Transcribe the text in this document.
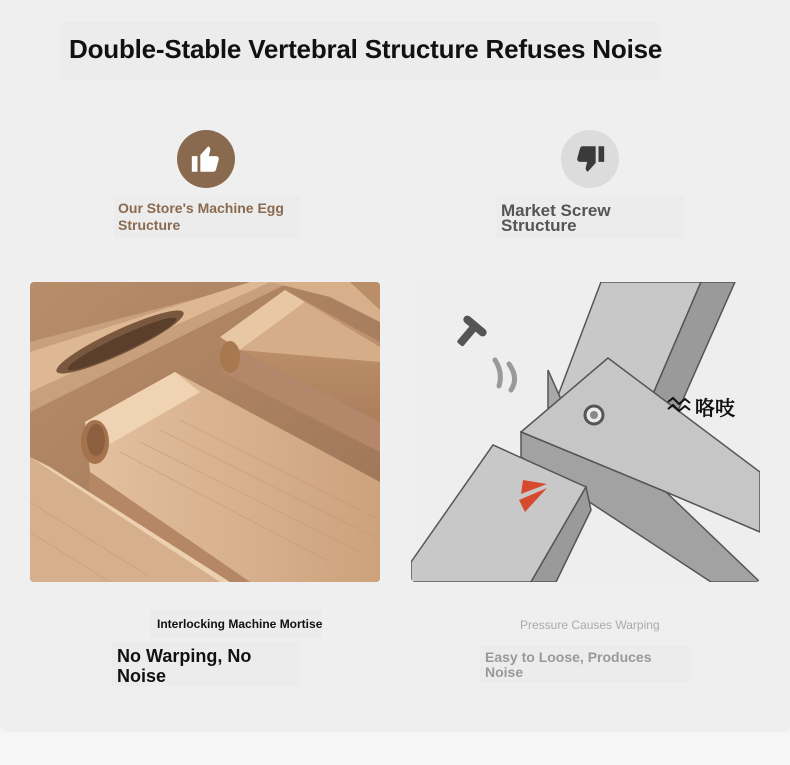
Double-Stable Vertebral Structure Refuses Noise
Our Store's Machine Egg Structure
Market Screw Structure
咯吱
Interlocking Machine Mortise	Pressure Causes Warping
No Warping, No Noise
Easy to Loose, Produces Noise
